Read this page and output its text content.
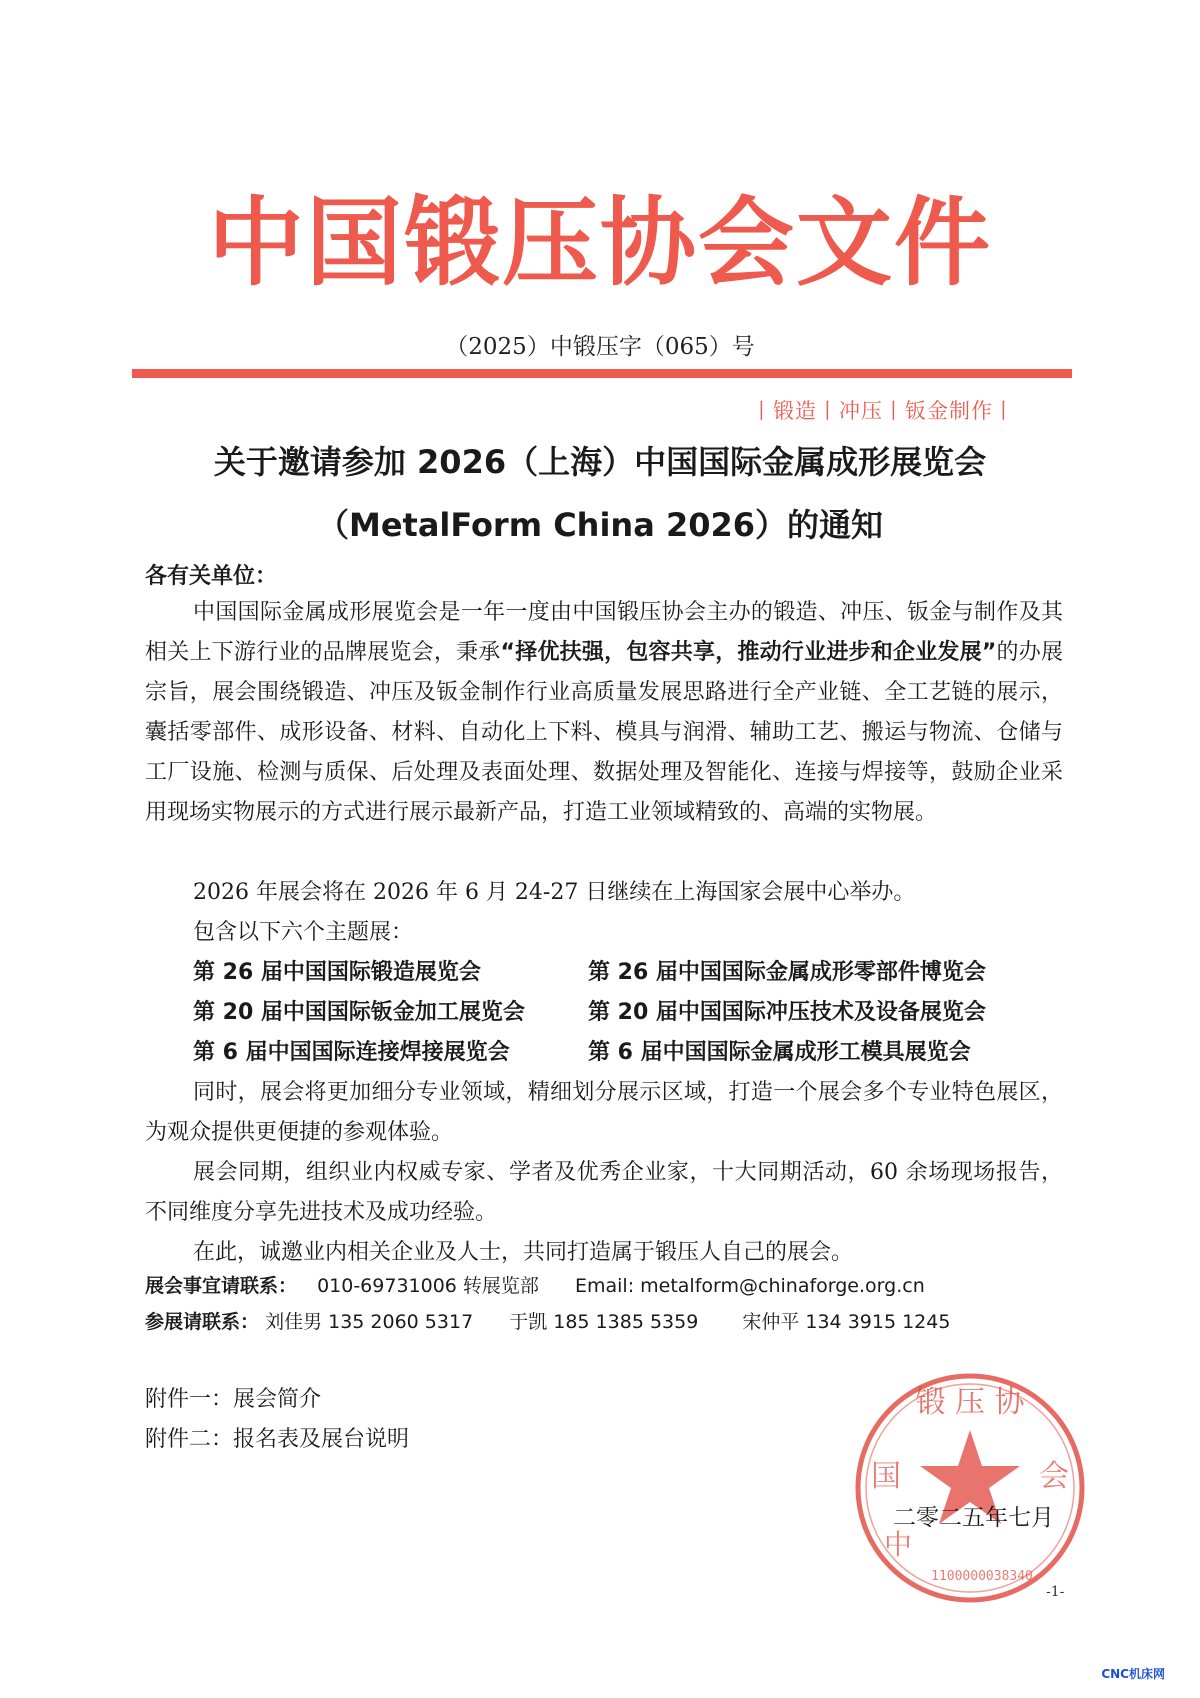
中国锻压协会文件
（2025）中锻压字（065）号
丨锻造丨冲压丨钣金制作丨
关于邀请参加 2026（上海）中国国际金属成形展览会
（MetalForm China 2026）的通知
各有关单位：

中国国际金属成形展览会是一年一度由中国锻压协会主办的锻造、冲压、钣金与制作及其相关上下游行业的品牌展览会，秉承“择优扶强，包容共享，推动行业进步和企业发展”的办展宗旨，展会围绕锻造、冲压及钣金制作行业高质量发展思路进行全产业链、全工艺链的展示，囊括零部件、成形设备、材料、自动化上下料、模具与润滑、辅助工艺、搬运与物流、仓储与工厂设施、检测与质保、后处理及表面处理、数据处理及智能化、连接与焊接等，鼓励企业采用现场实物展示的方式进行展示最新产品，打造工业领域精致的、高端的实物展。

2026 年展会将在 2026 年 6 月 24-27 日继续在上海国家会展中心举办。
包含以下六个主题展：
第 26 届中国国际锻造展览会	第 26 届中国国际金属成形零部件博览会
第 20 届中国国际钣金加工展览会	第 20 届中国国际冲压技术及设备展览会
第 6 届中国国际连接焊接展览会	第 6 届中国国际金属成形工模具展览会

同时，展会将更加细分专业领域，精细划分展示区域，打造一个展会多个专业特色展区，为观众提供更便捷的参观体验。

展会同期，组织业内权威专家、学者及优秀企业家，十大同期活动，60 余场现场报告，不同维度分享先进技术及成功经验。

在此，诚邀业内相关企业及人士，共同打造属于锻压人自己的展会。

展会事宜请联系： 010-69731006 转展览部 Email: metalform@chinaforge.org.cn
参展请联系： 刘佳男 135 2060 5317 于凯 185 1385 5359 宋仲平 134 3915 1245
附件一：展会简介
附件二：报名表及展台说明
锻 压 协
国	会
中
1100000038340
二零二五年七月
-1-
CNC机床网
